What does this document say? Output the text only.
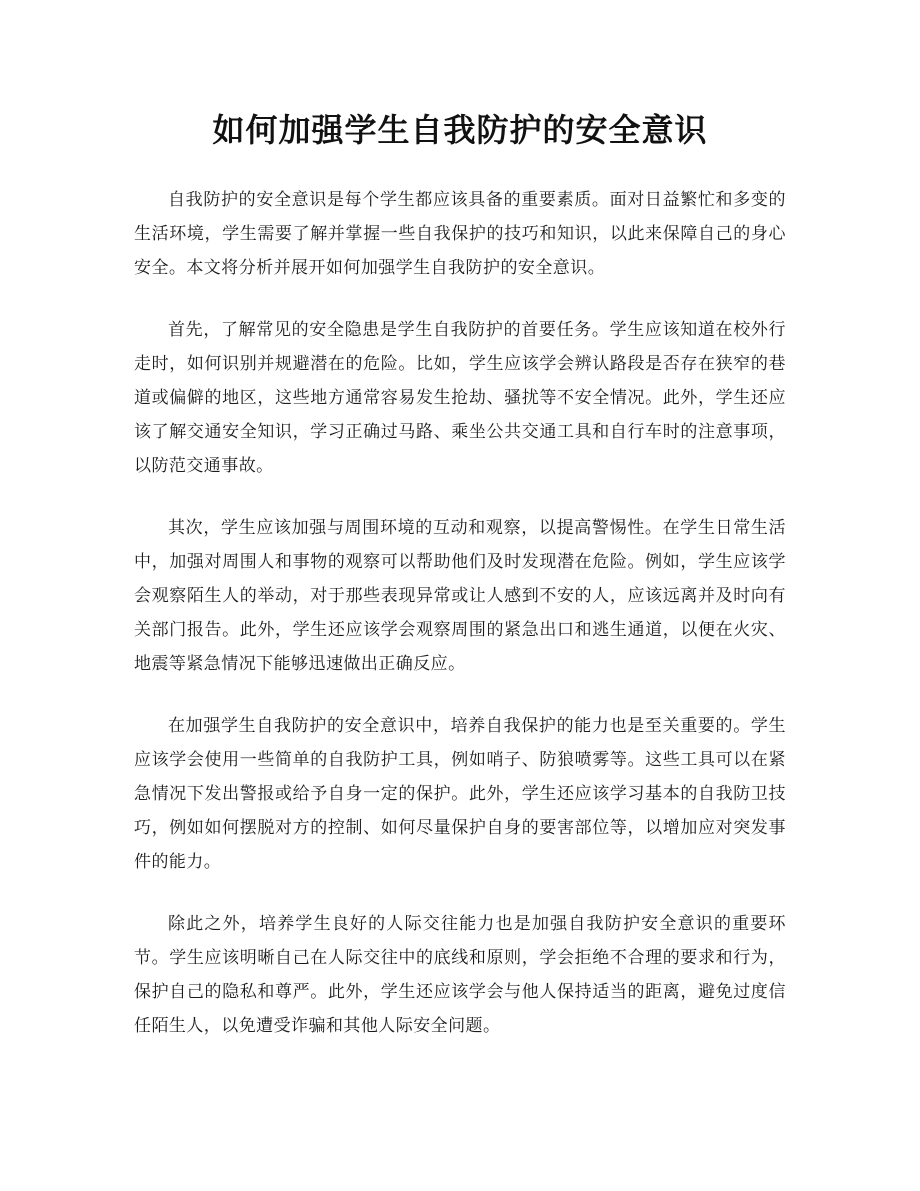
如何加强学生自我防护的安全意识

自我防护的安全意识是每个学生都应该具备的重要素质。面对日益繁忙和多变的生活环境，学生需要了解并掌握一些自我保护的技巧和知识，以此来保障自己的身心安全。本文将分析并展开如何加强学生自我防护的安全意识。

首先，了解常见的安全隐患是学生自我防护的首要任务。学生应该知道在校外行走时，如何识别并规避潜在的危险。比如，学生应该学会辨认路段是否存在狭窄的巷道或偏僻的地区，这些地方通常容易发生抢劫、骚扰等不安全情况。此外，学生还应该了解交通安全知识，学习正确过马路、乘坐公共交通工具和自行车时的注意事项，以防范交通事故。

其次，学生应该加强与周围环境的互动和观察，以提高警惕性。在学生日常生活中，加强对周围人和事物的观察可以帮助他们及时发现潜在危险。例如，学生应该学会观察陌生人的举动，对于那些表现异常或让人感到不安的人，应该远离并及时向有关部门报告。此外，学生还应该学会观察周围的紧急出口和逃生通道，以便在火灾、地震等紧急情况下能够迅速做出正确反应。

在加强学生自我防护的安全意识中，培养自我保护的能力也是至关重要的。学生应该学会使用一些简单的自我防护工具，例如哨子、防狼喷雾等。这些工具可以在紧急情况下发出警报或给予自身一定的保护。此外，学生还应该学习基本的自我防卫技巧，例如如何摆脱对方的控制、如何尽量保护自身的要害部位等，以增加应对突发事件的能力。

除此之外，培养学生良好的人际交往能力也是加强自我防护安全意识的重要环节。学生应该明晰自己在人际交往中的底线和原则，学会拒绝不合理的要求和行为，保护自己的隐私和尊严。此外，学生还应该学会与他人保持适当的距离，避免过度信任陌生人，以免遭受诈骗和其他人际安全问题。
